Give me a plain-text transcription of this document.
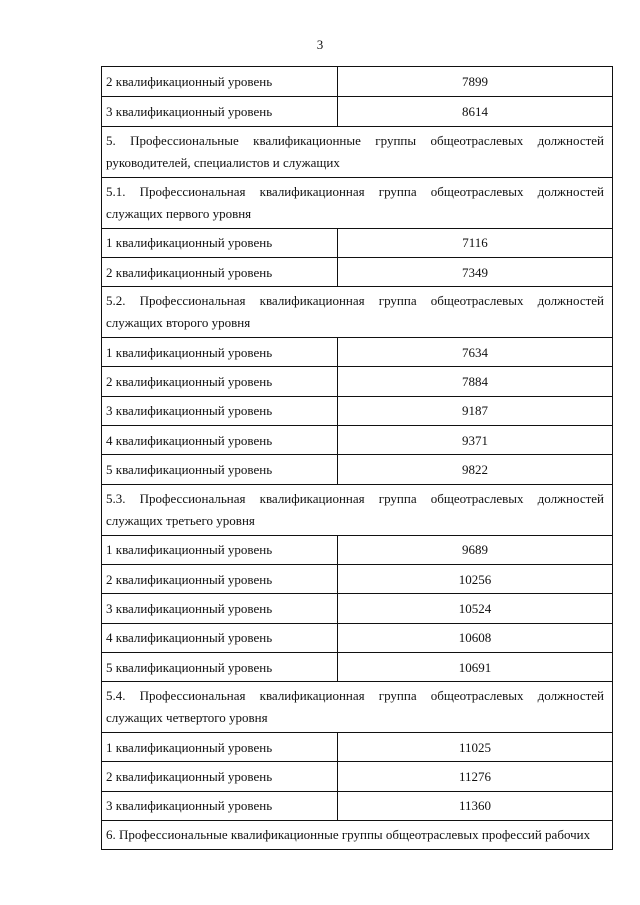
3
2 квалификационный уровень	7899
3 квалификационный уровень	8614
5. Профессиональные квалификационные группы общеотраслевых должностей руководителей, специалистов и служащих
5.1. Профессиональная квалификационная группа общеотраслевых должностей служащих первого уровня
1 квалификационный уровень	7116
2 квалификационный уровень	7349
5.2. Профессиональная квалификационная группа общеотраслевых должностей служащих второго уровня
1 квалификационный уровень	7634
2 квалификационный уровень	7884
3 квалификационный уровень	9187
4 квалификационный уровень	9371
5 квалификационный уровень	9822
5.3. Профессиональная квалификационная группа общеотраслевых должностей служащих третьего уровня
1 квалификационный уровень	9689
2 квалификационный уровень	10256
3 квалификационный уровень	10524
4 квалификационный уровень	10608
5 квалификационный уровень	10691
5.4. Профессиональная квалификационная группа общеотраслевых должностей служащих четвертого уровня
1 квалификационный уровень	11025
2 квалификационный уровень	11276
3 квалификационный уровень	11360
6. Профессиональные квалификационные группы общеотраслевых профессий рабочих
